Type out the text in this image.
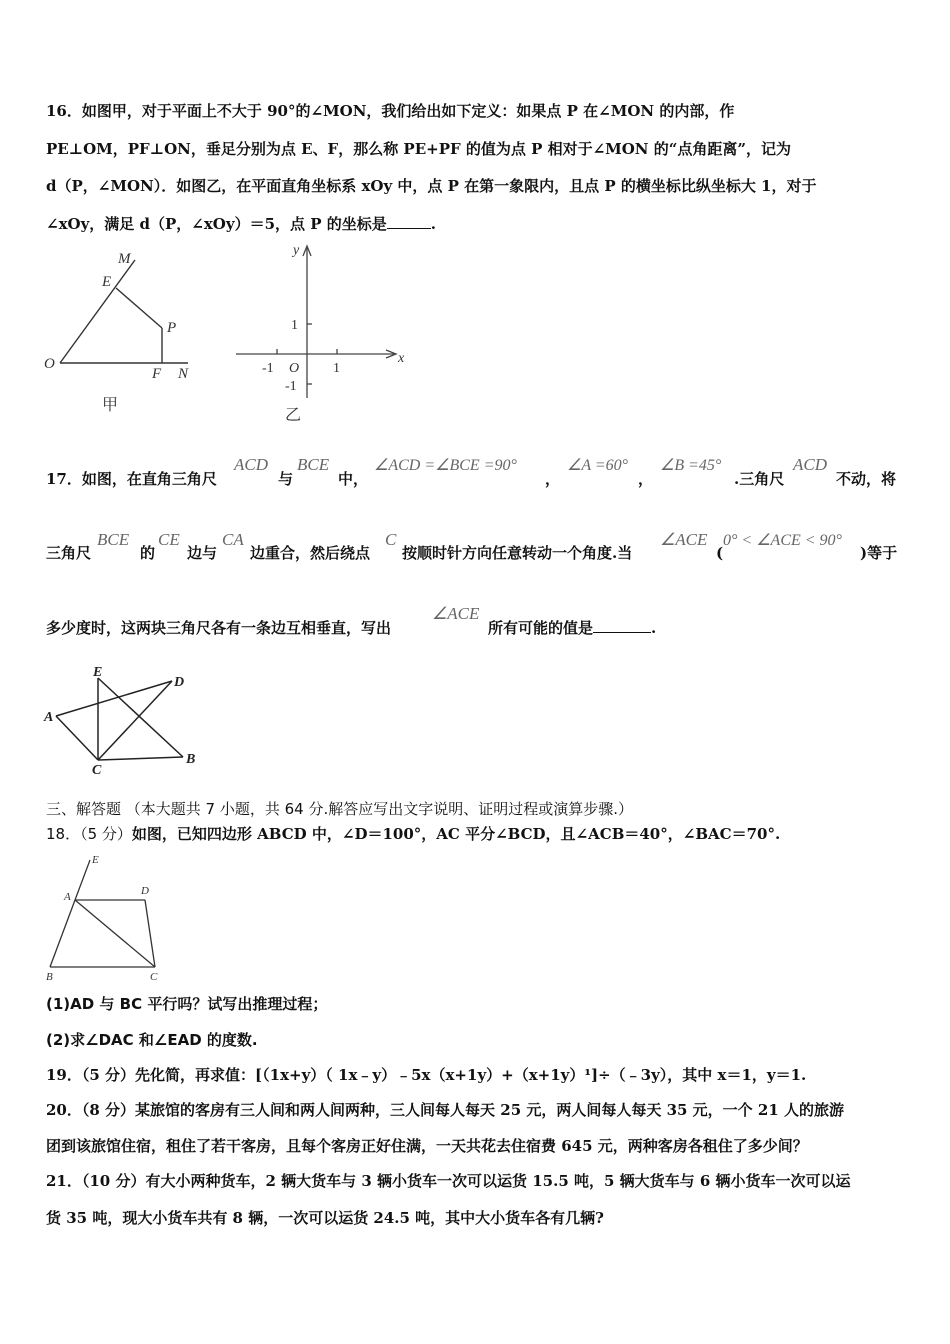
16．如图甲，对于平面上不大于 90°的∠MON，我们给出如下定义：如果点 P 在∠MON 的内部，作
PE⊥OM，PF⊥ON，垂足分别为点 E、F，那么称 PE+PF 的值为点 P 相对于∠MON 的“点角距离”，记为
d（P，∠MON）．如图乙，在平面直角坐标系 xOy 中，点 P 在第一象限内，且点 P 的横坐标比纵坐标大 1，对于
∠xOy，满足 d（P，∠xOy）＝5，点 P 的坐标是	.
M
E
P
O
F N
甲
y
x
1
-1 O 1
-1
乙
17．如图，在直角三角尺
ACD
与
BCE
中，
∠ACD =∠BCE =90°
，
∠A =60°
，
∠B =45°
.三角尺
ACD
不动，将
三角尺
BCE
的
CE
边与
CA
边重合，然后绕点
C
按顺时针方向任意转动一个角度.当
∠ACE
(
0° < ∠ACE < 90°
)等于
多少度时，这两块三角尺各有一条边互相垂直，写出
∠ACE
所有可能的值是	.
E
D
A
C
B
三、解答题 （本大题共 7 小题，共 64 分.解答应写出文字说明、证明过程或演算步骤.）
18．（5 分）如图，已知四边形 ABCD 中，∠D＝100°，AC 平分∠BCD，且∠ACB＝40°，∠BAC＝70°.
E
A	D
B	C
(1)AD 与 BC 平行吗？试写出推理过程；
(2)求∠DAC 和∠EAD 的度数.
19．（5 分）先化简，再求值：[（1x+y）（ 1x﹣y）﹣5x（x+1y）+（x+1y）¹]÷（﹣3y），其中 x＝1，y＝1.
20．（8 分）某旅馆的客房有三人间和两人间两种，三人间每人每天 25 元，两人间每人每天 35 元，一个 21 人的旅游
团到该旅馆住宿，租住了若干客房，且每个客房正好住满，一天共花去住宿费 645 元，两种客房各租住了多少间？
21．（10 分）有大小两种货车，2 辆大货车与 3 辆小货车一次可以运货 15.5 吨，5 辆大货车与 6 辆小货车一次可以运
货 35 吨，现大小货车共有 8 辆，一次可以运货 24.5 吨，其中大小货车各有几辆?
